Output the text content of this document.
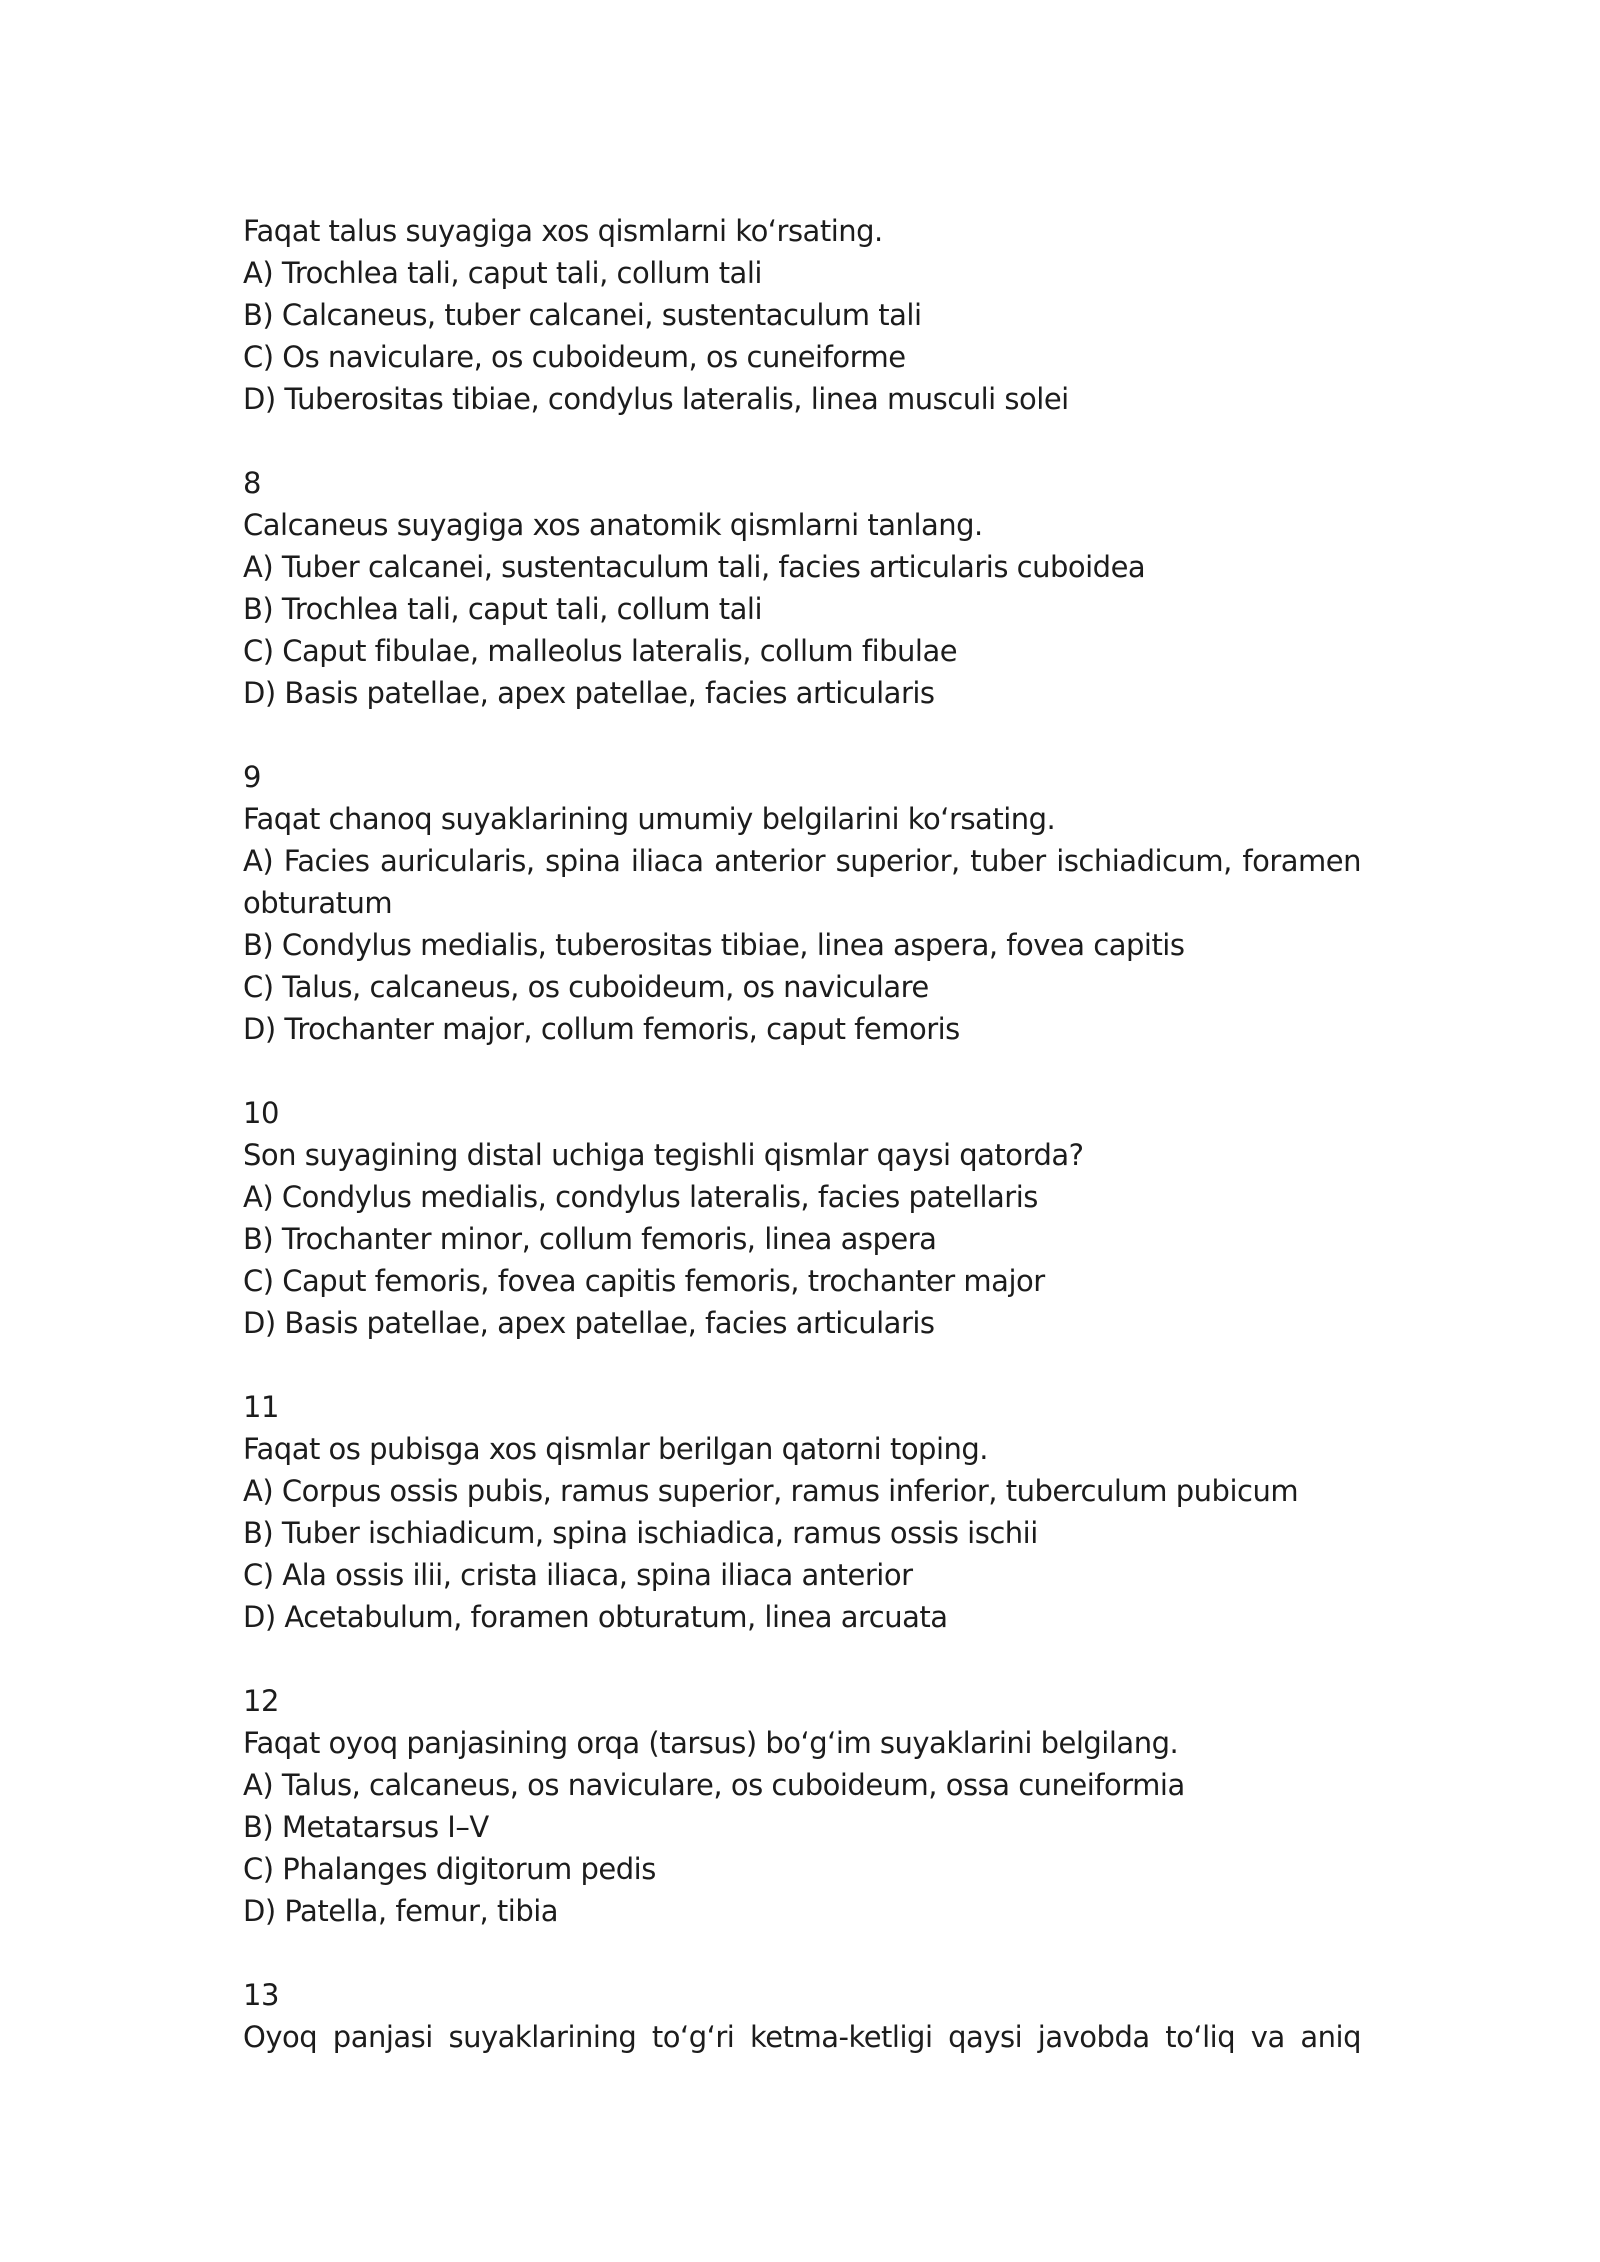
Faqat talus suyagiga xos qismlarni ko‘rsating.

A) Trochlea tali, caput tali, collum tali

B) Calcaneus, tuber calcanei, sustentaculum tali

C) Os naviculare, os cuboideum, os cuneiforme

D) Tuberositas tibiae, condylus lateralis, linea musculi solei

8

Calcaneus suyagiga xos anatomik qismlarni tanlang.

A) Tuber calcanei, sustentaculum tali, facies articularis cuboidea

B) Trochlea tali, caput tali, collum tali

C) Caput fibulae, malleolus lateralis, collum fibulae

D) Basis patellae, apex patellae, facies articularis

9

Faqat chanoq suyaklarining umumiy belgilarini ko‘rsating.

A) Facies auricularis, spina iliaca anterior superior, tuber ischiadicum, foramen

obturatum

B) Condylus medialis, tuberositas tibiae, linea aspera, fovea capitis

C) Talus, calcaneus, os cuboideum, os naviculare

D) Trochanter major, collum femoris, caput femoris

10

Son suyagining distal uchiga tegishli qismlar qaysi qatorda?

A) Condylus medialis, condylus lateralis, facies patellaris

B) Trochanter minor, collum femoris, linea aspera

C) Caput femoris, fovea capitis femoris, trochanter major

D) Basis patellae, apex patellae, facies articularis

11

Faqat os pubisga xos qismlar berilgan qatorni toping.

A) Corpus ossis pubis, ramus superior, ramus inferior, tuberculum pubicum

B) Tuber ischiadicum, spina ischiadica, ramus ossis ischii

C) Ala ossis ilii, crista iliaca, spina iliaca anterior

D) Acetabulum, foramen obturatum, linea arcuata

12

Faqat oyoq panjasining orqa (tarsus) bo‘g‘im suyaklarini belgilang.

A) Talus, calcaneus, os naviculare, os cuboideum, ossa cuneiformia

B) Metatarsus I–V

C) Phalanges digitorum pedis

D) Patella, femur, tibia

13

Oyoq panjasi suyaklarining to‘g‘ri ketma-ketligi qaysi javobda to‘liq va aniq
